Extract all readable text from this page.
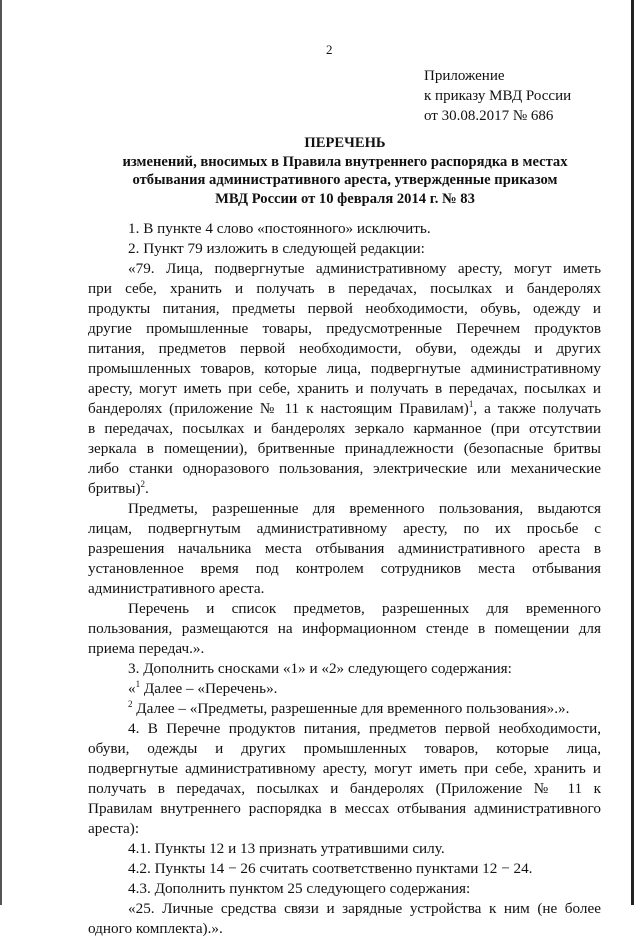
2
Приложение
к приказу МВД России
от 30.08.2017 № 686
ПЕРЕЧЕНЬ
изменений, вносимых в Правила внутреннего распорядка в местах
отбывания административного ареста, утвержденные приказом
МВД России от 10 февраля 2014 г. № 83
1. В пункте 4 слово «постоянного» исключить.
2. Пункт 79 изложить в следующей редакции:
«79. Лица, подвергнутые административному аресту, могут иметь
при себе, хранить и получать в передачах, посылках и бандеролях
продукты питания, предметы первой необходимости, обувь, одежду и
другие промышленные товары, предусмотренные Перечнем продуктов
питания, предметов первой необходимости, обуви, одежды и других
промышленных товаров, которые лица, подвергнутые административному
аресту, могут иметь при себе, хранить и получать в передачах, посылках и
бандеролях (приложение № 11 к настоящим Правилам)$^1$, а также получать
в передачах, посылках и бандеролях зеркало карманное (при отсутствии
зеркала в помещении), бритвенные принадлежности (безопасные бритвы
либо станки одноразового пользования, электрические или механические
бритвы)$^2$.
Предметы, разрешенные для временного пользования, выдаются
лицам, подвергнутым административному аресту, по их просьбе с
разрешения начальника места отбывания административного ареста в
установленное время под контролем сотрудников места отбывания
административного ареста.
Перечень и список предметов, разрешенных для временного
пользования, размещаются на информационном стенде в помещении для
приема передач.».
3. Дополнить сносками «1» и «2» следующего содержания:
«$^1$ Далее – «Перечень».
$^2$ Далее – «Предметы, разрешенные для временного пользования».».
4. В Перечне продуктов питания, предметов первой необходимости,
обуви, одежды и других промышленных товаров, которые лица,
подвергнутые административному аресту, могут иметь при себе, хранить и
получать в передачах, посылках и бандеролях (Приложение № 11 к
Правилам внутреннего распорядка в мессах отбывания административного
ареста):
4.1. Пункты 12 и 13 признать утратившими силу.
4.2. Пункты 14 − 26 считать соответственно пунктами 12 − 24.
4.3. Дополнить пунктом 25 следующего содержания:
«25. Личные средства связи и зарядные устройства к ним (не более
одного комплекта).».
